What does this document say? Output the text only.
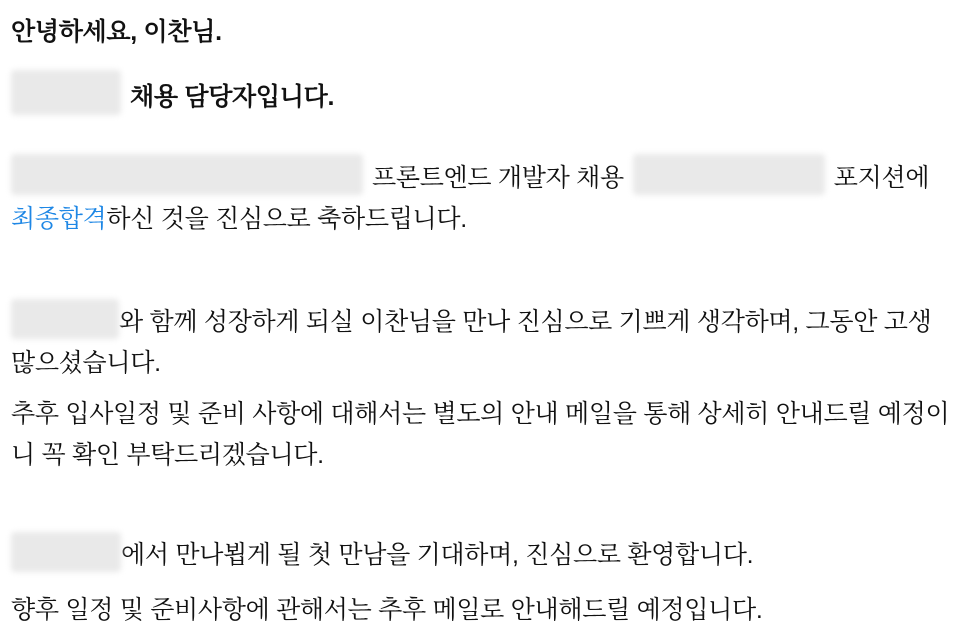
안녕하세요, 이찬님.

채용 담당자입니다.

프론트엔드 개발자 채용	포지션에 최종합격하신 것을 진심으로 축하드립니다.

와 함께 성장하게 되실 이찬님을 만나 진심으로 기쁘게 생각하며, 그동안 고생 많으셨습니다.

추후 입사일정 및 준비 사항에 대해서는 별도의 안내 메일을 통해 상세히 안내드릴 예정이니 꼭 확인 부탁드리겠습니다.

에서 만나뵙게 될 첫 만남을 기대하며, 진심으로 환영합니다.

향후 일정 및 준비사항에 관해서는 추후 메일로 안내해드릴 예정입니다.
